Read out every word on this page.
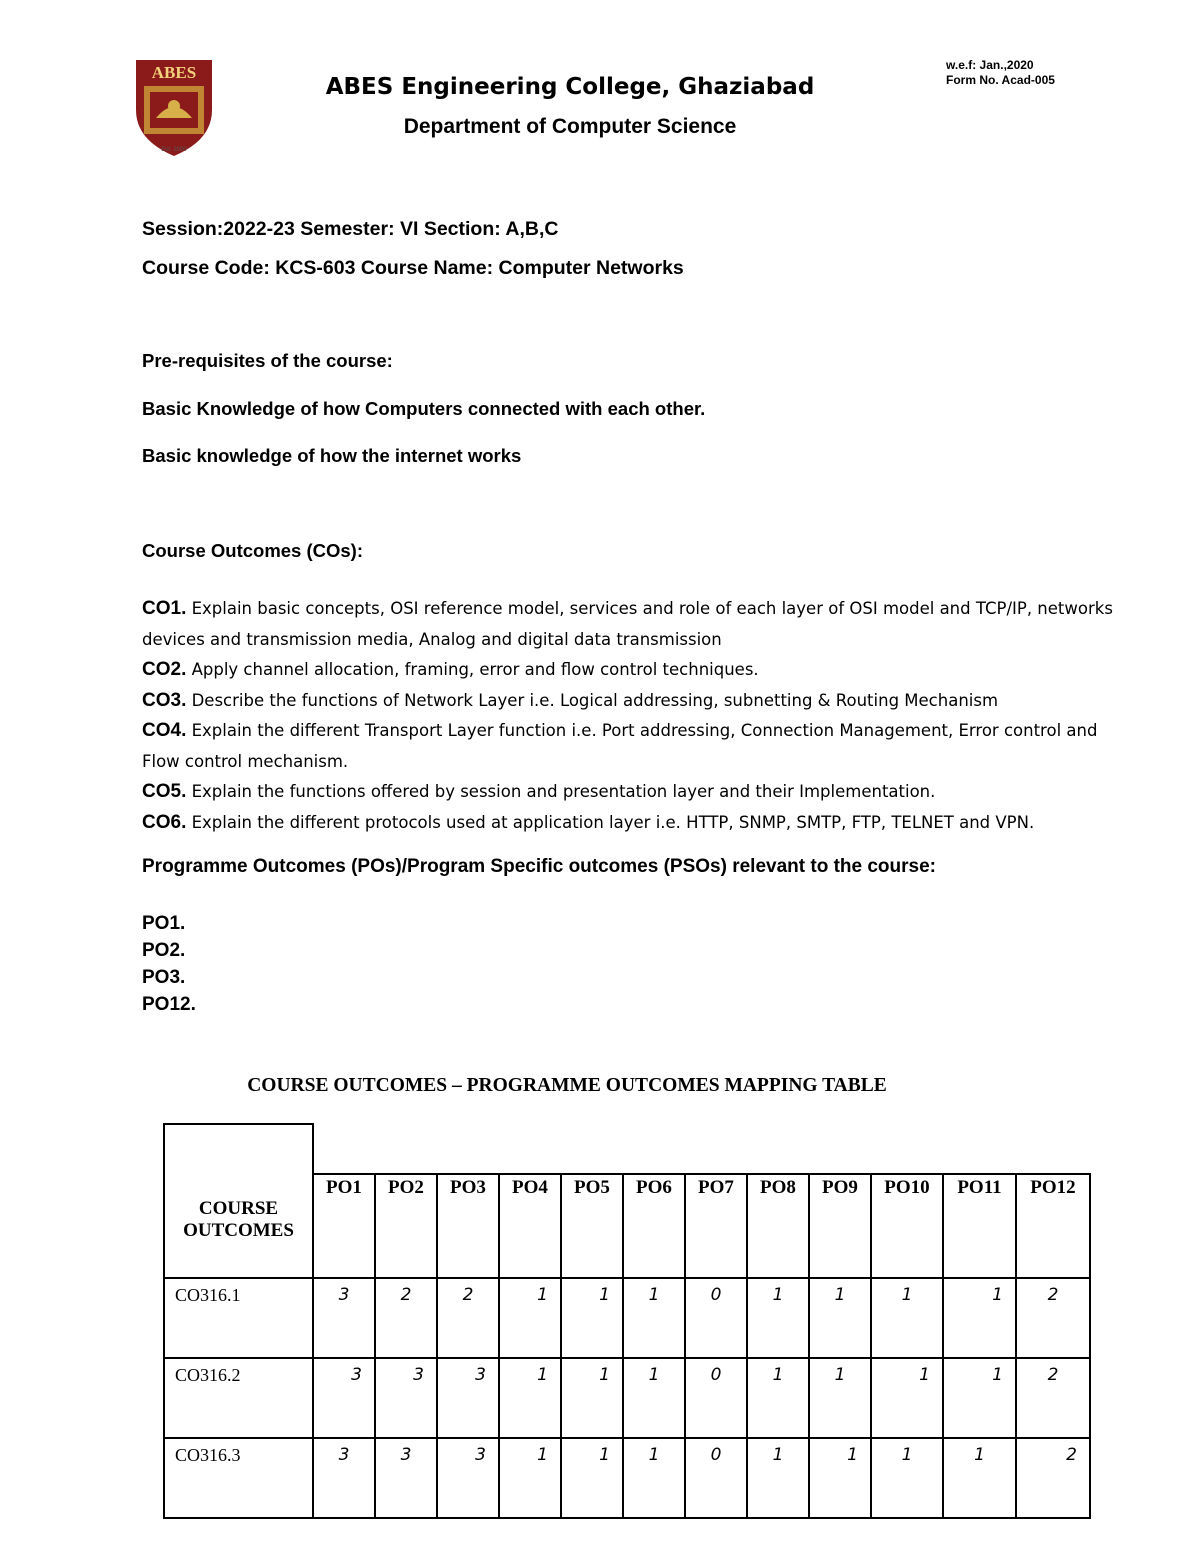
ABES
Est. 2000
w.e.f: Jan.,2020
Form No. Acad-005
ABES Engineering College, Ghaziabad
Department of Computer Science
Session:2022-23 Semester: VI Section: A,B,C
Course Code: KCS-603 Course Name: Computer Networks
Pre-requisites of the course:
Basic Knowledge of how Computers connected with each other.
Basic knowledge of how the internet works
Course Outcomes (COs):
CO1. Explain basic concepts, OSI reference model, services and role of each layer of OSI model and TCP/IP, networks devices and transmission media, Analog and digital data transmission
CO2. Apply channel allocation, framing, error and flow control techniques.
CO3. Describe the functions of Network Layer i.e. Logical addressing, subnetting & Routing Mechanism
CO4. Explain the different Transport Layer function i.e. Port addressing, Connection Management, Error control and Flow control mechanism.
CO5. Explain the functions offered by session and presentation layer and their Implementation.
CO6. Explain the different protocols used at application layer i.e. HTTP, SNMP, SMTP, FTP, TELNET and VPN.
Programme Outcomes (POs)/Program Specific outcomes (PSOs) relevant to the course:
PO1.
PO2.
PO3.
PO12.
COURSE OUTCOMES – PROGRAMME OUTCOMES MAPPING TABLE
COURSE
OUTCOMES												

	PO1	PO2	PO3	PO4	PO5	PO6	PO7	PO8	PO9	PO10	PO11	PO12
CO316.1	3	2	2	1	1	1	0	1	1	1	1	2
CO316.2	3	3	3	1	1	1	0	1	1	1	1	2
CO316.3	3	3	3	1	1	1	0	1	1	1	1	2
